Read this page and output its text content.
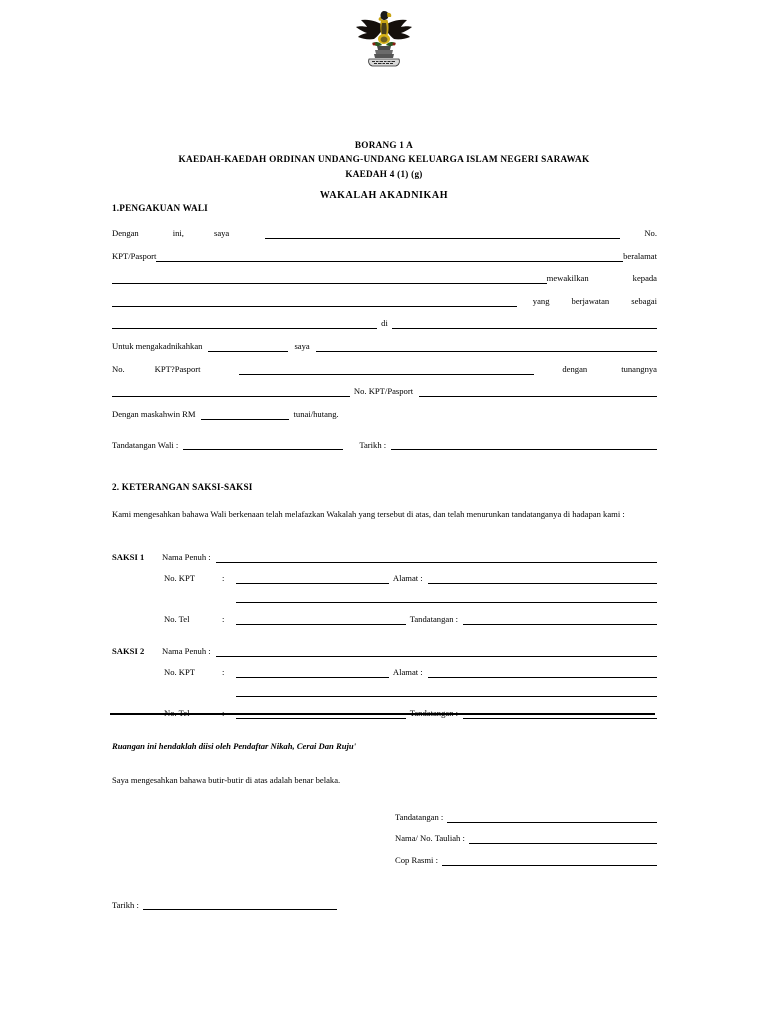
BORANG 1 A
KAEDAH-KAEDAH ORDINAN UNDANG-UNDANG KELUARGA ISLAM NEGERI SARAWAK
KAEDAH 4 (1) (g)
WAKALAH AKADNIKAH
1.PENGAKUAN WALI
Dengan	ini,	saya	No.
KPT/Pasport	beralamat
mewakilkan	kepada
yang	berjawatan	sebagai
di
Untuk mengakadnikahkan	saya
No.	KPT?Pasport	dengan	tunangnya
No. KPT/Pasport
Dengan maskahwin RM	tunai/hutang.
Tandatangan Wali :	Tarikh :
2. KETERANGAN SAKSI-SAKSI
Kami mengesahkan bahawa Wali berkenaan telah melafazkan Wakalah yang tersebut di atas, dan telah menurunkan tandatanganya di hadapan kami :
SAKSI 1	Nama Penuh :
No. KPT	:	Alamat :
No. Tel	:	Tandatangan :
SAKSI 2	Nama Penuh :
No. KPT	:	Alamat :
No. Tel	:	Tandatangan :
Ruangan ini hendaklah diisi oleh Pendaftar Nikah, Cerai Dan Ruju'
Saya mengesahkan bahawa butir-butir di atas adalah benar belaka.
Tandatangan :
Nama/ No. Tauliah :
Cop Rasmi :
Tarikh :
